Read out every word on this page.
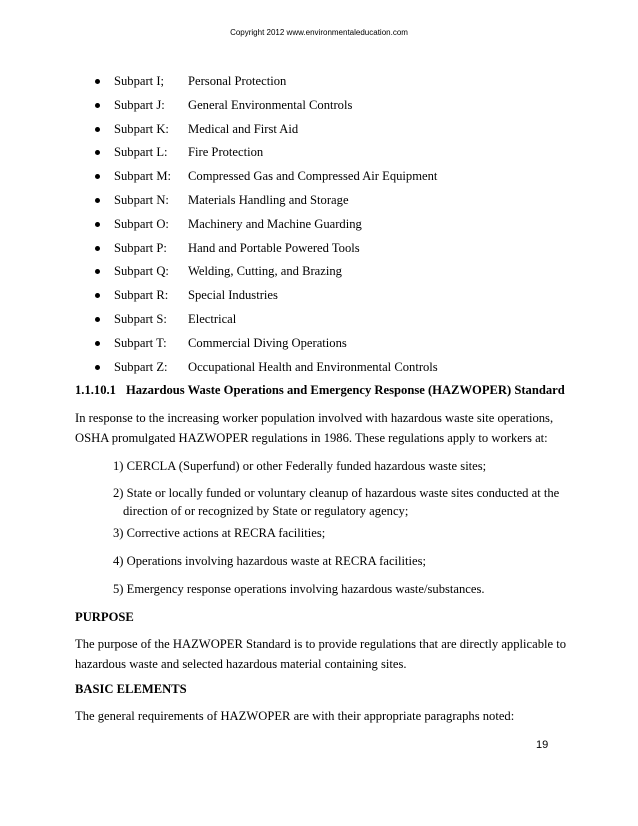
Copyright 2012 www.environmentaleducation.com
Subpart I; Personal Protection
Subpart J: General Environmental Controls
Subpart K: Medical and First Aid
Subpart L: Fire Protection
Subpart M: Compressed Gas and Compressed Air Equipment
Subpart N: Materials Handling and Storage
Subpart O: Machinery and Machine Guarding
Subpart P: Hand and Portable Powered Tools
Subpart Q: Welding, Cutting, and Brazing
Subpart R: Special Industries
Subpart S: Electrical
Subpart T: Commercial Diving Operations
Subpart Z: Occupational Health and Environmental Controls
1.1.10.1 Hazardous Waste Operations and Emergency Response (HAZWOPER) Standard
In response to the increasing worker population involved with hazardous waste site operations,
OSHA promulgated HAZWOPER regulations in 1986. These regulations apply to workers at:
1) CERCLA (Superfund) or other Federally funded hazardous waste sites;
2) State or locally funded or voluntary cleanup of hazardous waste sites conducted at the
direction of or recognized by State or regulatory agency;
3) Corrective actions at RECRA facilities;
4) Operations involving hazardous waste at RECRA facilities;
5) Emergency response operations involving hazardous waste/substances.
PURPOSE
The purpose of the HAZWOPER Standard is to provide regulations that are directly applicable to
hazardous waste and selected hazardous material containing sites.
BASIC ELEMENTS
The general requirements of HAZWOPER are with their appropriate paragraphs noted:
19
